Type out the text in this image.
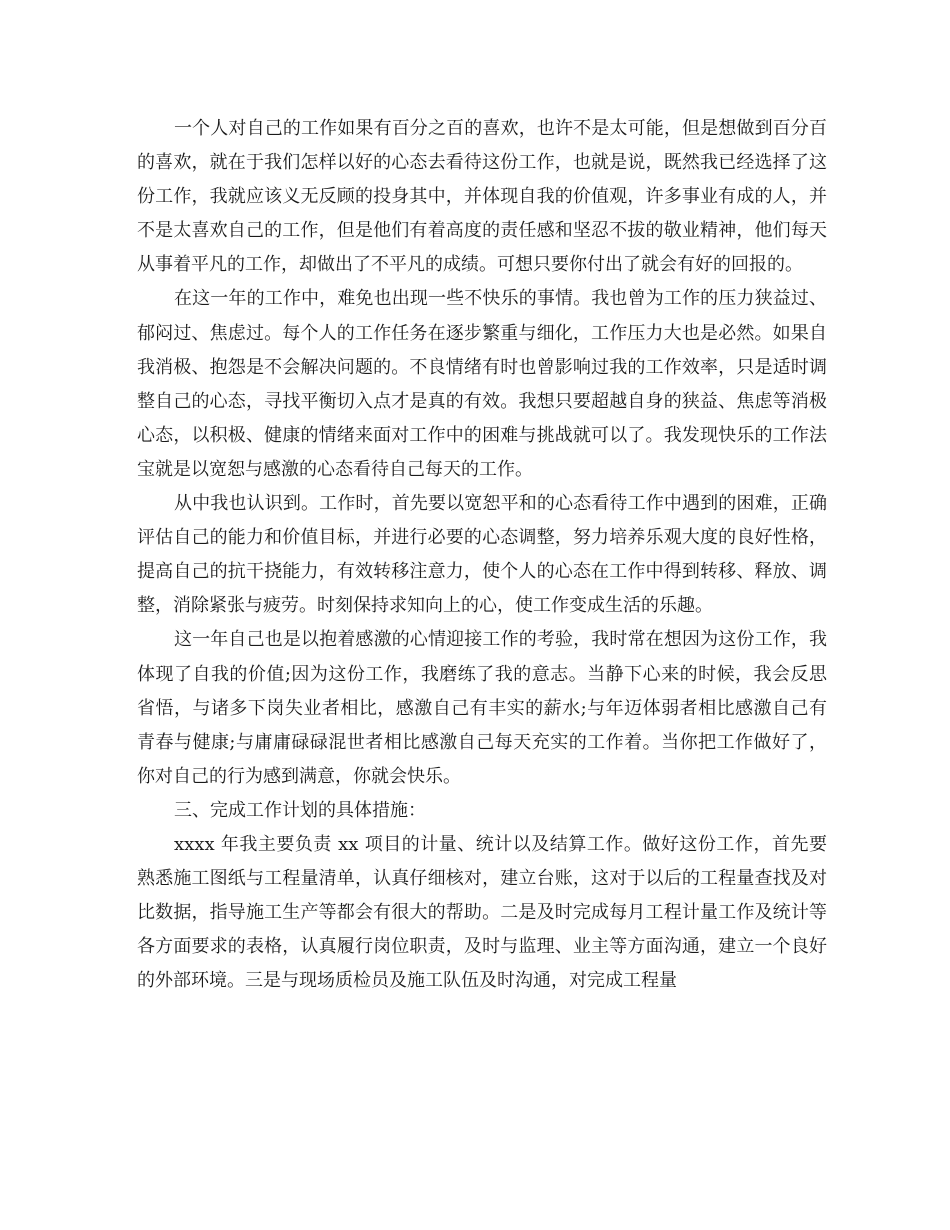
一个人对自己的工作如果有百分之百的喜欢，也许不是太可能，但是想做到百分百的喜欢，就在于我们怎样以好的心态去看待这份工作，也就是说，既然我已经选择了这份工作，我就应该义无反顾的投身其中，并体现自我的价值观，许多事业有成的人，并不是太喜欢自己的工作，但是他们有着高度的责任感和坚忍不拔的敬业精神，他们每天从事着平凡的工作，却做出了不平凡的成绩。可想只要你付出了就会有好的回报的。

在这一年的工作中，难免也出现一些不快乐的事情。我也曾为工作的压力狭益过、郁闷过、焦虑过。每个人的工作任务在逐步繁重与细化，工作压力大也是必然。如果自我消极、抱怨是不会解决问题的。不良情绪有时也曾影响过我的工作效率，只是适时调整自己的心态，寻找平衡切入点才是真的有效。我想只要超越自身的狭益、焦虑等消极心态，以积极、健康的情绪来面对工作中的困难与挑战就可以了。我发现快乐的工作法宝就是以宽恕与感激的心态看待自己每天的工作。

从中我也认识到。工作时，首先要以宽恕平和的心态看待工作中遇到的困难，正确评估自己的能力和价值目标，并进行必要的心态调整，努力培养乐观大度的良好性格，提高自己的抗干挠能力，有效转移注意力，使个人的心态在工作中得到转移、释放、调整，消除紧张与疲劳。时刻保持求知向上的心，使工作变成生活的乐趣。

这一年自己也是以抱着感激的心情迎接工作的考验，我时常在想因为这份工作，我体现了自我的价值;因为这份工作，我磨练了我的意志。当静下心来的时候，我会反思省悟，与诸多下岗失业者相比，感激自己有丰实的薪水;与年迈体弱者相比感激自己有青春与健康;与庸庸碌碌混世者相比感激自己每天充实的工作着。当你把工作做好了，你对自己的行为感到满意，你就会快乐。

三、完成工作计划的具体措施：

xxxx 年我主要负责 xx 项目的计量、统计以及结算工作。做好这份工作，首先要熟悉施工图纸与工程量清单，认真仔细核对，建立台账，这对于以后的工程量查找及对比数据，指导施工生产等都会有很大的帮助。二是及时完成每月工程计量工作及统计等各方面要求的表格，认真履行岗位职责，及时与监理、业主等方面沟通，建立一个良好的外部环境。三是与现场质检员及施工队伍及时沟通，对完成工程量
